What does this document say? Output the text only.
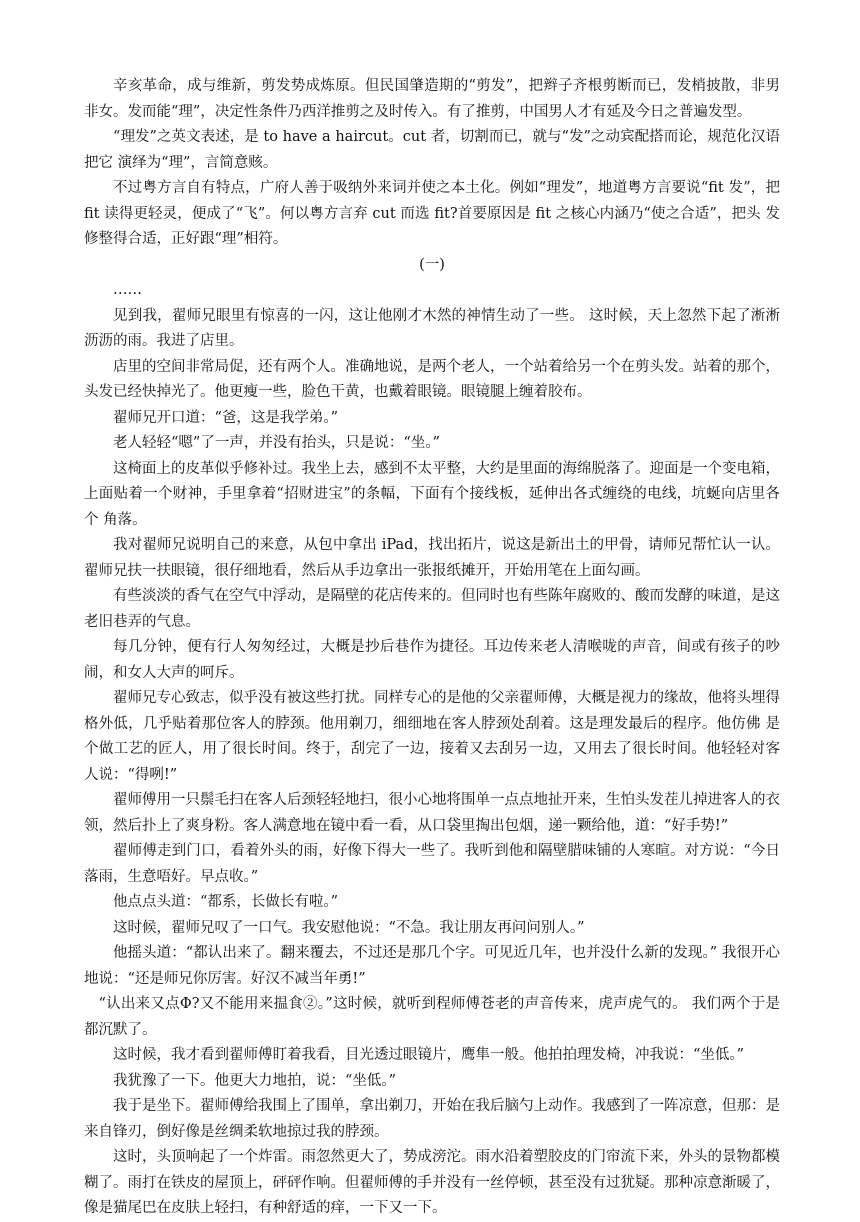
辛亥革命，成与维新，剪发势成炼原。但民国肇造期的“剪发”，把辫子齐根剪断而已，发梢披散，非男非女。发而能“理”，决定性条件乃西洋推剪之及时传入。有了推剪，中国男人才有延及今日之普遍发型。

“理发”之英文表述，是 to have a haircut。cut 者，切割而已，就与“发”之动宾配搭而论，规范化汉语把它 演绎为“理”，言简意赅。

不过粤方言自有特点，广府人善于吸纳外来词并使之本土化。例如“理发”，地道粤方言要说“fit 发”，把 fit 读得更轻灵，便成了“飞”。何以粤方言弃 cut 而选 fit?首要原因是 fit 之核心内涵乃“使之合适”，把头 发修整得合适，正好跟“理”相符。

(一)

……

见到我，翟师兄眼里有惊喜的一闪，这让他刚才木然的神情生动了一些。 这时候，天上忽然下起了淅淅沥沥的雨。我进了店里。

店里的空间非常局促，还有两个人。准确地说，是两个老人，一个站着给另一个在剪头发。站着的那个， 头发已经快掉光了。他更瘦一些，脸色干黄，也戴着眼镜。眼镜腿上缠着胶布。

翟师兄开口道：“爸，这是我学弟。”

老人轻轻“嗯”了一声，并没有抬头，只是说：“坐。”

这椅面上的皮革似乎修补过。我坐上去，感到不太平整，大约是里面的海绵脱落了。迎面是一个变电箱，上面贴着一个财神，手里拿着“招财进宝”的条幅，下面有个接线板，延伸出各式缠绕的电线，坑蜒向店里各个 角落。

我对翟师兄说明自己的来意，从包中拿出 iPad，找出拓片，说这是新出土的甲骨，请师兄帮忙认一认。翟师兄扶一扶眼镜，很仔细地看，然后从手边拿出一张报纸摊开，开始用笔在上面勾画。

有些淡淡的香气在空气中浮动，是隔壁的花店传来的。但同时也有些陈年腐败的、酸而发酵的味道，是这老旧巷弄的气息。

每几分钟，便有行人匆匆经过，大概是抄后巷作为捷径。耳边传来老人清喉咙的声音，间或有孩子的吵闹，和女人大声的呵斥。

翟师兄专心致志，似乎没有被这些打扰。同样专心的是他的父亲翟师傅，大概是视力的缘故，他将头埋得格外低，几乎贴着那位客人的脖颈。他用剃刀，细细地在客人脖颈处刮着。这是理发最后的程序。他仿佛 是个做工艺的匠人，用了很长时间。终于，刮完了一边，接着又去刮另一边，又用去了很长时间。他轻轻对客 人说：“得咧!”

翟师傅用一只鬃毛扫在客人后颈轻轻地扫，很小心地将围单一点点地扯开来，生怕头发茬儿掉进客人的衣领，然后扑上了爽身粉。客人满意地在镜中看一看，从口袋里掏出包烟，递一颗给他，道：“好手势!”

翟师傅走到门口，看着外头的雨，好像下得大一些了。我听到他和隔壁腊味铺的人寒暄。对方说：“今日落雨，生意唔好。早点收。”

他点点头道：“都系，长做长有啦。”

这时候，翟师兄叹了一口气。我安慰他说：“不急。我让朋友再问问别人。”

他摇头道：“都认出来了。翻来覆去，不过还是那几个字。可见近几年，也并没什么新的发现。” 我很开心地说：“还是师兄你厉害。好汉不减当年勇!”

“认出来又点Φ?又不能用来揾食②。”这时候，就听到程师傅苍老的声音传来，虎声虎气的。 我们两个于是都沉默了。

这时候，我才看到翟师傅盯着我看，目光透过眼镜片，鹰隼一般。他拍拍理发椅，冲我说：“坐低。”

我犹豫了一下。他更大力地拍，说：“坐低。”

我于是坐下。翟师傅给我围上了围单，拿出剃刀，开始在我后脑勺上动作。我感到了一阵凉意，但那：是来自锋刃，倒好像是丝绸柔软地掠过我的脖颈。

这时，头顶响起了一个炸雷。雨忽然更大了，势成滂沱。雨水沿着塑胶皮的门帘流下来，外头的景物都模糊了。雨打在铁皮的屋顶上，砰砰作响。但翟师傅的手并没有一丝停顿，甚至没有过犹疑。那种凉意渐暖了，像是猫尾巴在皮肤上轻扫，有种舒适的痒，一下又一下。
